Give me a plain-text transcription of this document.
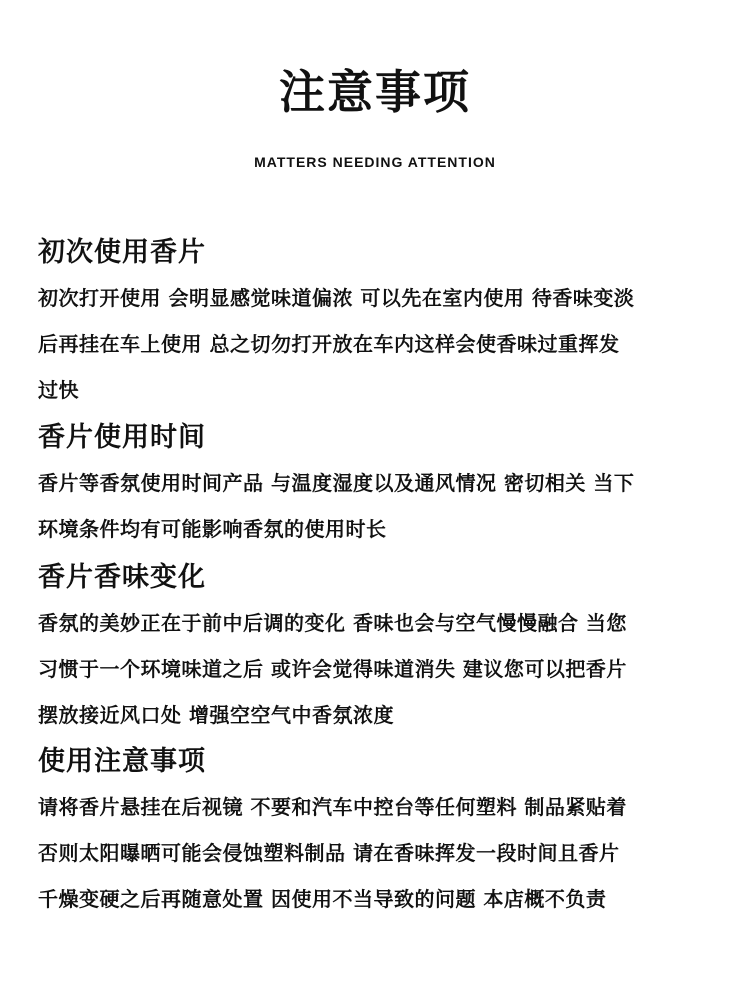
注意事项
MATTERS NEEDING ATTENTION
初次使用香片

初次打开使用 会明显感觉味道偏浓 可以先在室内使用 待香味变淡

后再挂在车上使用 总之切勿打开放在车内这样会使香味过重挥发

过快

香片使用时间

香片等香氛使用时间产品 与温度湿度以及通风情况 密切相关 当下

环境条件均有可能影响香氛的使用时长

香片香味变化

香氛的美妙正在于前中后调的变化 香味也会与空气慢慢融合 当您

习惯于一个环境味道之后 或许会觉得味道消失 建议您可以把香片

摆放接近风口处 增强空空气中香氛浓度

使用注意事项

请将香片悬挂在后视镜 不要和汽车中控台等任何塑料 制品紧贴着

否则太阳曝晒可能会侵蚀塑料制品 请在香味挥发一段时间且香片

千燥变硬之后再随意处置 因使用不当导致的问题 本店概不负责
